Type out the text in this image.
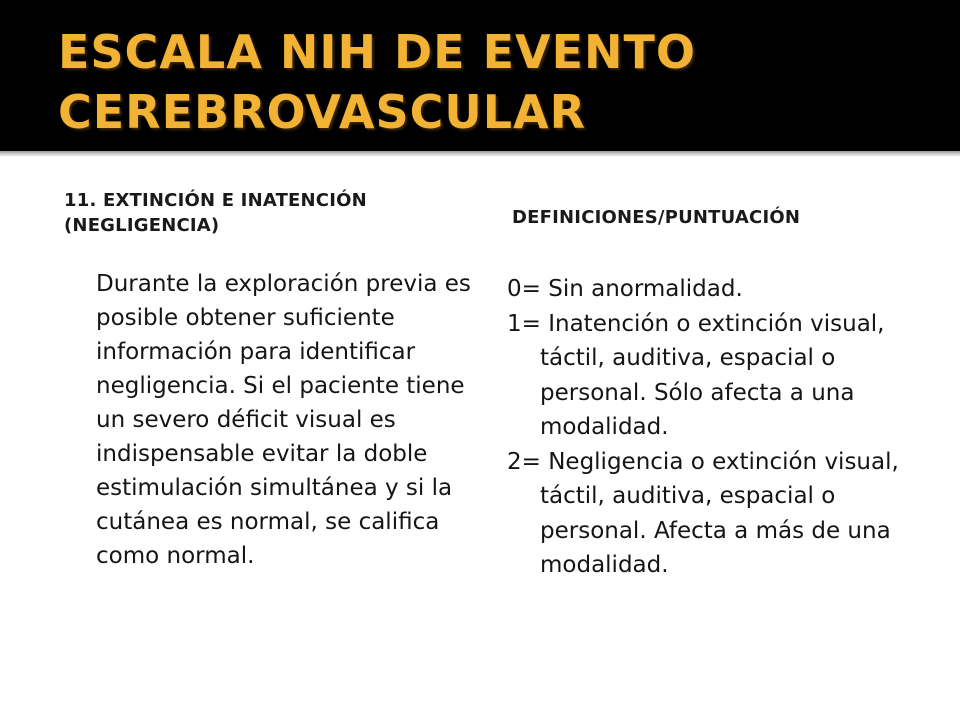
ESCALA NIH DE EVENTO CEREBROVASCULAR
11. EXTINCIÓN E INATENCIÓN (NEGLIGENCIA)	DEFINICIONES/PUNTUACIÓN

Durante la exploración previa es posible obtener suficiente información para identificar negligencia. Si el paciente tiene un severo déficit visual es indispensable evitar la doble estimulación simultánea y si la cutánea es normal, se califica como normal.

0= Sin anormalidad.
1= Inatención o extinción visual, táctil, auditiva, espacial o personal. Sólo afecta a una modalidad.
2= Negligencia o extinción visual, táctil, auditiva, espacial o personal. Afecta a más de una modalidad.
